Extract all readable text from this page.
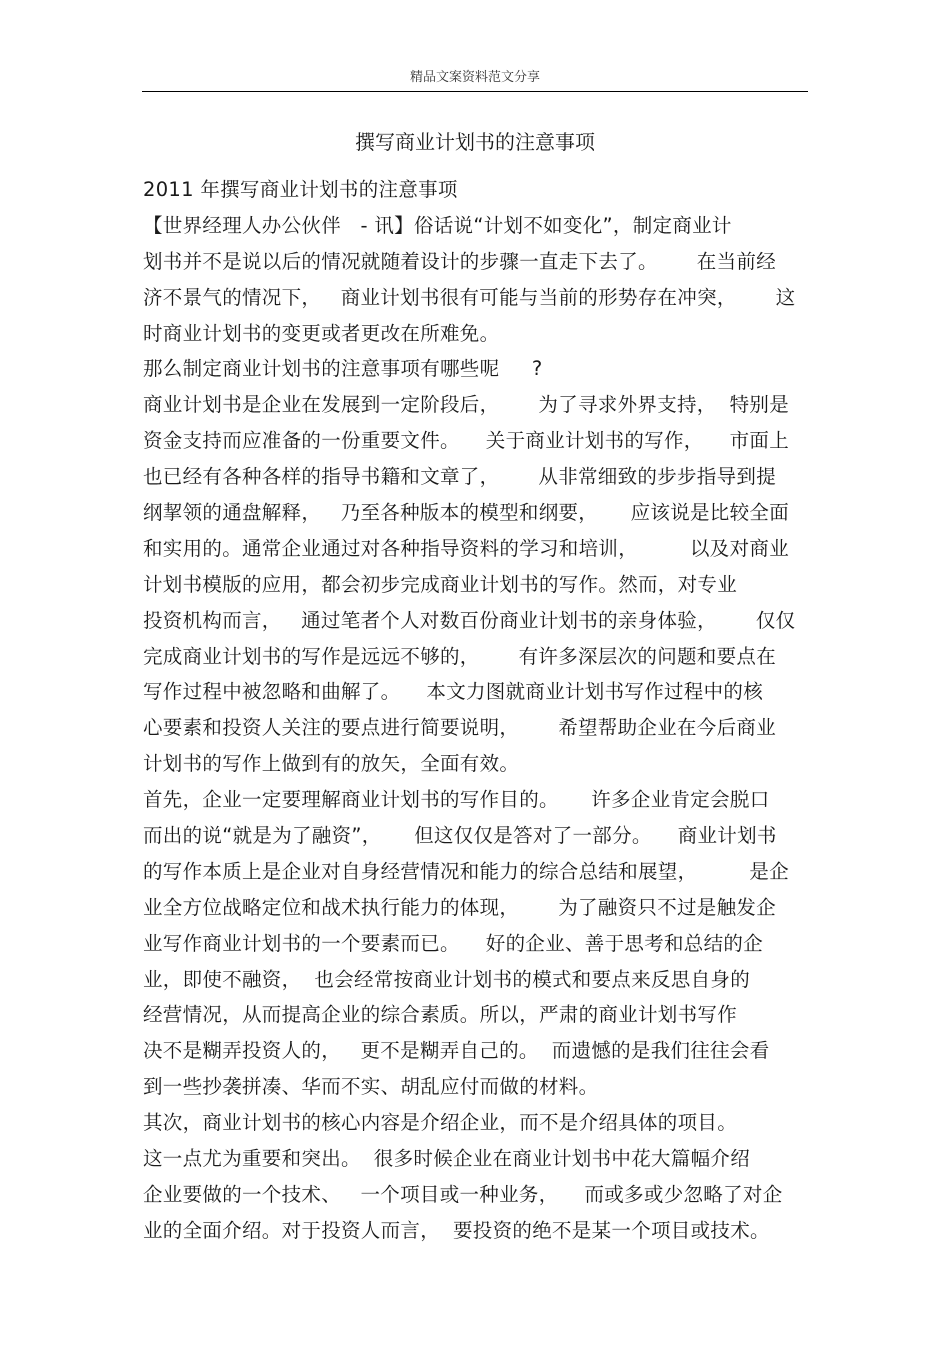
精品文案资料范文分享
撰写商业计划书的注意事项
2011 年撰写商业计划书的注意事项
【世界经理人办公伙伴   - 讯】俗话说“计划不如变化”，制定商业计
划书并不是说以后的情况就随着设计的步骤一直走下去了。      在当前经
济不景气的情况下，   商业计划书很有可能与当前的形势存在冲突，      这
时商业计划书的变更或者更改在所难免。
那么制定商业计划书的注意事项有哪些呢     ?
商业计划书是企业在发展到一定阶段后，      为了寻求外界支持，  特别是
资金支持而应准备的一份重要文件。    关于商业计划书的写作，    市面上
也已经有各种各样的指导书籍和文章了，      从非常细致的步步指导到提
纲挈领的通盘解释，   乃至各种版本的模型和纲要，     应该说是比较全面
和实用的。通常企业通过对各种指导资料的学习和培训，        以及对商业
计划书模版的应用，都会初步完成商业计划书的写作。然而，对专业
投资机构而言，   通过笔者个人对数百份商业计划书的亲身体验，      仅仅
完成商业计划书的写作是远远不够的，      有许多深层次的问题和要点在
写作过程中被忽略和曲解了。    本文力图就商业计划书写作过程中的核
心要素和投资人关注的要点进行简要说明，      希望帮助企业在今后商业
计划书的写作上做到有的放矢，全面有效。
首先，企业一定要理解商业计划书的写作目的。     许多企业肯定会脱口
而出的说“就是为了融资”，     但这仅仅是答对了一部分。    商业计划书
的写作本质上是企业对自身经营情况和能力的综合总结和展望，        是企
业全方位战略定位和战术执行能力的体现，      为了融资只不过是触发企
业写作商业计划书的一个要素而已。    好的企业、善于思考和总结的企
业，即使不融资，  也会经常按商业计划书的模式和要点来反思自身的
经营情况，从而提高企业的综合素质。所以，严肃的商业计划书写作
决不是糊弄投资人的，   更不是糊弄自己的。  而遗憾的是我们往往会看
到一些抄袭拼凑、华而不实、胡乱应付而做的材料。
其次，商业计划书的核心内容是介绍企业，而不是介绍具体的项目。
这一点尤为重要和突出。  很多时候企业在商业计划书中花大篇幅介绍
企业要做的一个技术、   一个项目或一种业务，    而或多或少忽略了对企
业的全面介绍。对于投资人而言，  要投资的绝不是某一个项目或技术。
